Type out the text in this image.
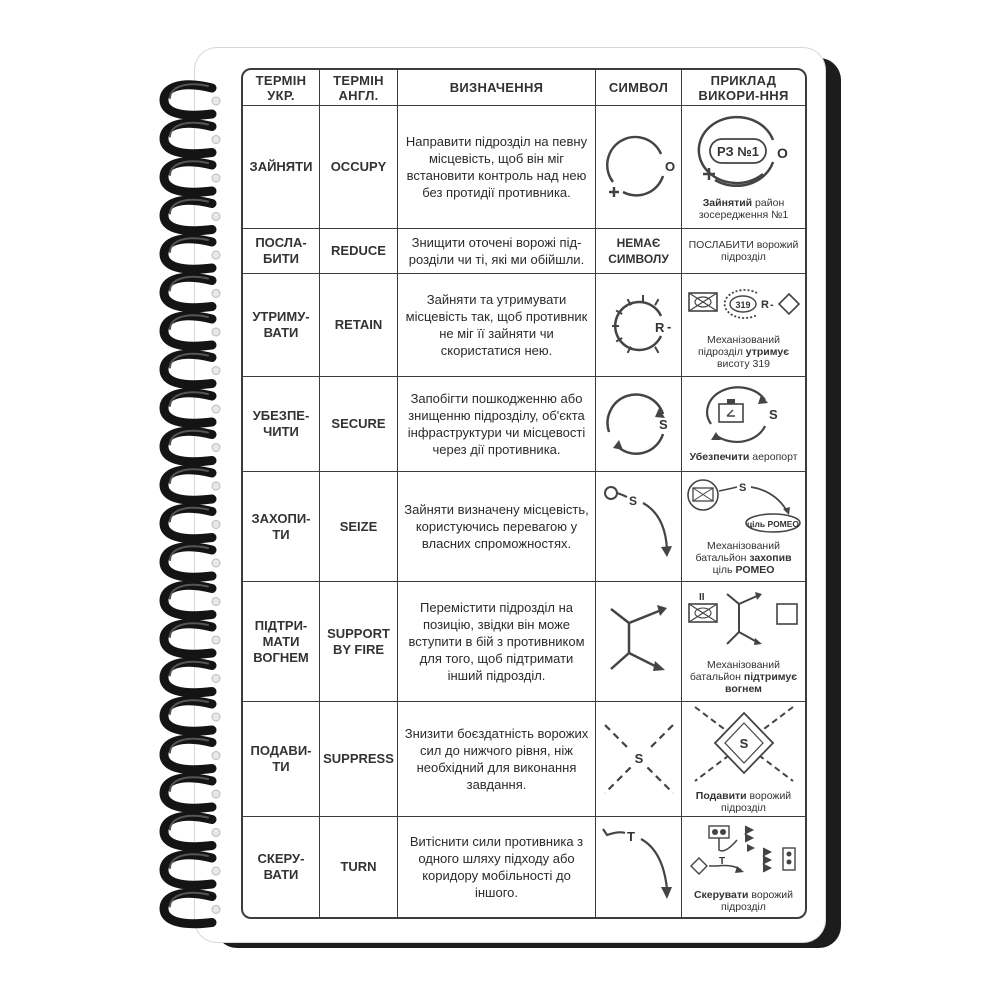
ТЕРМІН УКР.	ТЕРМІН АНГЛ.	ВИЗНАЧЕННЯ	СИМВОЛ	ПРИКЛАД ВИКОРИ-ННЯ
ЗАЙНЯТИ	OCCUPY	Направити підрозділ на певну місцевість, щоб він міг встановити контроль над нею без протидії противника.	O	РЗ №1 O
Зайнятий район зосередження №1

ПОСЛА-БИТИ	REDUCE	Знищити оточені ворожі під-розділи чи ті, які ми обійшли.	НЕМАЄ СИМВОЛУ	ПОСЛАБИТИ ворожий підрозділ

УТРИМУ-ВАТИ	RETAIN	Зайняти та утримувати місцевість так, щоб противник не міг її зайняти чи скористатися нею.	R -	319 R -
Механізований підрозділ утримує висоту 319

УБЕЗПЕ-ЧИТИ	SECURE	Запобігти пошкодженню або знищенню підрозділу, об'єкта інфраструктури чи місцевості через дії противника.	S	S
Убезпечити аеропорт

ЗАХОПИ-ТИ	SEIZE	Зайняти визначену місцевість, користуючись перевагою у власних спроможностях.	S	S
ціль РОМЕО
Механізований батальйон захопив ціль РОМЕО

ПІДТРИ-МАТИ ВОГНЕМ	SUPPORT BY FIRE	Перемістити підрозділ на позицію, звідки він може вступити в бій з противником для того, щоб підтримати інший підрозділ.		II
Механізований батальйон підтримує вогнем

ПОДАВИ-ТИ	SUPPRESS	Знизити боєздатність ворожих сил до нижчого рівня, ніж необхідний для виконання завдання.	S	S
Подавити ворожий підрозділ

СКЕРУ-ВАТИ	TURN	Витіснити сили противника з одного шляху підходу або коридору мобільності до іншого.	T	T
Скерувати ворожий підрозділ
